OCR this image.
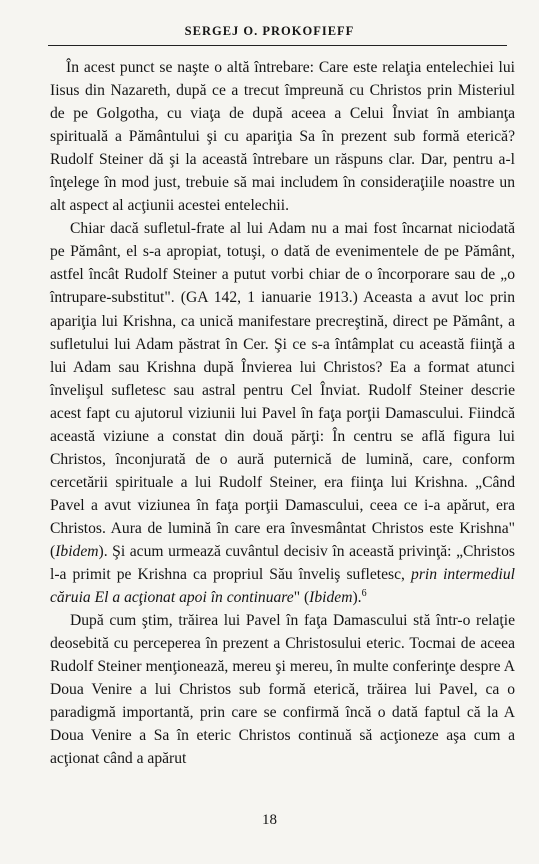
SERGEJ O. PROKOFIEFF

În acest punct se naşte o altă întrebare: Care este relaţia entelechiei lui Iisus din Nazareth, după ce a trecut împreună cu Christos prin Misteriul de pe Golgotha, cu viaţa de după aceea a Celui Înviat în ambianţa spirituală a Pământului şi cu apariţia Sa în prezent sub formă eterică? Rudolf Steiner dă şi la această întrebare un răspuns clar. Dar, pentru a-l înţelege în mod just, trebuie să mai includem în consideraţiile noastre un alt aspect al acţiunii acestei entelechii.

Chiar dacă sufletul-frate al lui Adam nu a mai fost încarnat niciodată pe Pământ, el s-a apropiat, totuşi, o dată de evenimentele de pe Pământ, astfel încât Rudolf Steiner a putut vorbi chiar de o încorporare sau de „o întrupare-substitut". (GA 142, 1 ianuarie 1913.) Aceasta a avut loc prin apariţia lui Krishna, ca unică manifestare precreştină, direct pe Pământ, a sufletului lui Adam păstrat în Cer. Şi ce s-a întâmplat cu această fiinţă a lui Adam sau Krishna după Învierea lui Christos? Ea a format atunci învelişul sufletesc sau astral pentru Cel Înviat. Rudolf Steiner descrie acest fapt cu ajutorul viziunii lui Pavel în faţa porţii Damascului. Fiindcă această viziune a constat din două părţi: În centru se află figura lui Christos, înconjurată de o aură puternică de lumină, care, conform cercetării spirituale a lui Rudolf Steiner, era fiinţa lui Krishna. „Când Pavel a avut viziunea în faţa porţii Damascului, ceea ce i-a apărut, era Christos. Aura de lumină în care era învesmântat Christos este Krishna" (Ibidem). Şi acum urmează cuvântul decisiv în această privinţă: „Christos l-a primit pe Krishna ca propriul Său înveliş sufletesc, prin intermediul căruia El a acţionat apoi în continuare" (Ibidem).$^6$

După cum ştim, trăirea lui Pavel în faţa Damascului stă într-o relaţie deosebită cu perceperea în prezent a Christosului eteric. Tocmai de aceea Rudolf Steiner menţionează, mereu şi mereu, în multe conferinţe despre A Doua Venire a lui Christos sub formă eterică, trăirea lui Pavel, ca o paradigmă importantă, prin care se confirmă încă o dată faptul că la A Doua Venire a Sa în eteric Christos continuă să acţioneze aşa cum a acţionat când a apărut

18
